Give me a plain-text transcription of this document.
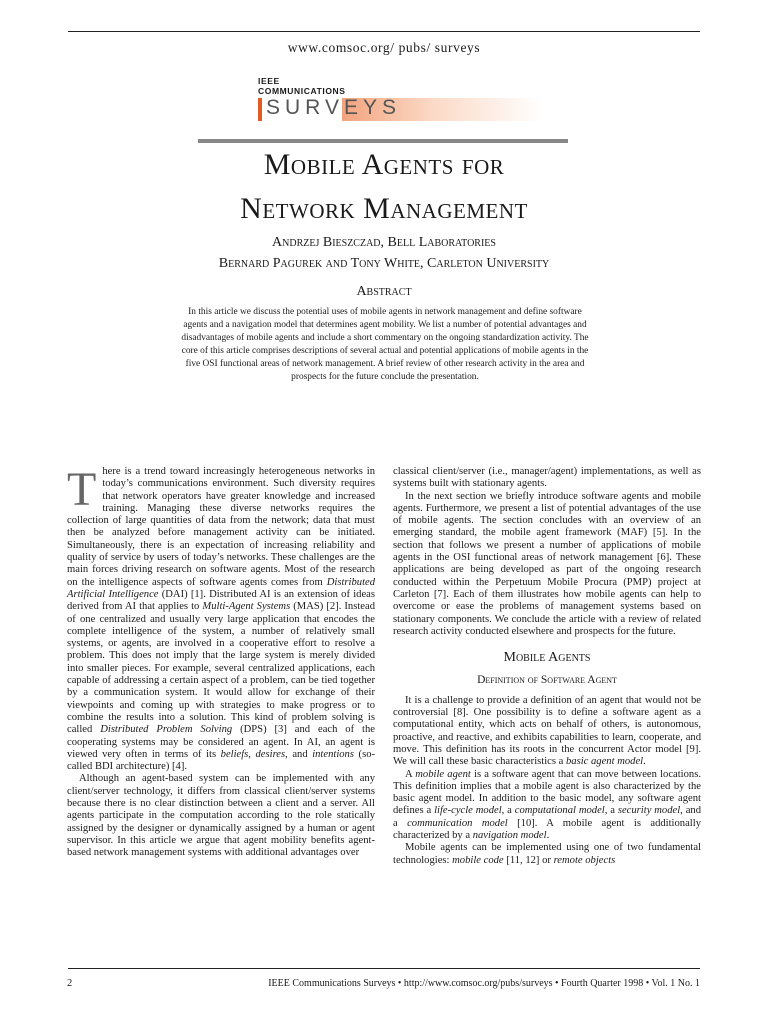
www.comsoc.org/ pubs/ surveys
IEEE
COMMUNICATIONS
SURVEYS
Mobile Agents for
Network Management
Andrzej Bieszczad, Bell Laboratories
Bernard Pagurek and Tony White, Carleton University
Abstract
In this article we discuss the potential uses of mobile agents in network management and define software agents and a navigation model that determines agent mobility. We list a number of potential advantages and disadvantages of mobile agents and include a short commentary on the ongoing standardization activity. The core of this article comprises descriptions of several actual and potential applications of mobile agents in the five OSI functional areas of network management. A brief review of other research activity in the area and prospects for the future conclude the presentation.

There is a trend toward increasingly heterogeneous networks in today’s communications environment. Such diversity requires that network operators have greater knowledge and increased training. Managing these diverse networks requires the collection of large quantities of data from the network; data that must then be analyzed before management activity can be initiated. Simultaneously, there is an expectation of increasing reliability and quality of service by users of today’s networks. These challenges are the main forces driving research on software agents. Most of the research on the intelligence aspects of software agents comes from Distributed Artificial Intelligence (DAI) [1]. Distributed AI is an extension of ideas derived from AI that applies to Multi-Agent Systems (MAS) [2]. Instead of one centralized and usually very large application that encodes the complete intelligence of the system, a number of relatively small systems, or agents, are involved in a cooperative effort to resolve a problem. This does not imply that the large system is merely divided into smaller pieces. For example, several centralized applications, each capable of addressing a certain aspect of a problem, can be tied together by a communication system. It would allow for exchange of their viewpoints and coming up with strategies to make progress or to combine the results into a solution. This kind of problem solving is called Distributed Problem Solving (DPS) [3] and each of the cooperating systems may be considered an agent. In AI, an agent is viewed very often in terms of its beliefs, desires, and intentions (so-called BDI architecture) [4].

Although an agent-based system can be implemented with any client/server technology, it differs from classical client/server systems because there is no clear distinction between a client and a server. All agents participate in the computation according to the role statically assigned by the designer or dynamically assigned by a human or agent supervisor. In this article we argue that agent mobility benefits agent-based network management systems with additional advantages over

classical client/server (i.e., manager/agent) implementations, as well as systems built with stationary agents.

In the next section we briefly introduce software agents and mobile agents. Furthermore, we present a list of potential advantages of the use of mobile agents. The section concludes with an overview of an emerging standard, the mobile agent framework (MAF) [5]. In the section that follows we present a number of applications of mobile agents in the OSI functional areas of network management [6]. These applications are being developed as part of the ongoing research conducted within the Perpetuum Mobile Procura (PMP) project at Carleton [7]. Each of them illustrates how mobile agents can help to overcome or ease the problems of management systems based on stationary components. We conclude the article with a review of related research activity conducted elsewhere and prospects for the future.

Mobile Agents
Definition of Software Agent

It is a challenge to provide a definition of an agent that would not be controversial [8]. One possibility is to define a software agent as a computational entity, which acts on behalf of others, is autonomous, proactive, and reactive, and exhibits capabilities to learn, cooperate, and move. This definition has its roots in the concurrent Actor model [9]. We will call these basic characteristics a basic agent model.

A mobile agent is a software agent that can move between locations. This definition implies that a mobile agent is also characterized by the basic agent model. In addition to the basic model, any software agent defines a life-cycle model, a computational model, a security model, and a communication model [10]. A mobile agent is additionally characterized by a navigation model.

Mobile agents can be implemented using one of two fundamental technologies: mobile code [11, 12] or remote objects

2	IEEE Communications Surveys • http://www.comsoc.org/pubs/surveys • Fourth Quarter 1998 • Vol. 1 No. 1
